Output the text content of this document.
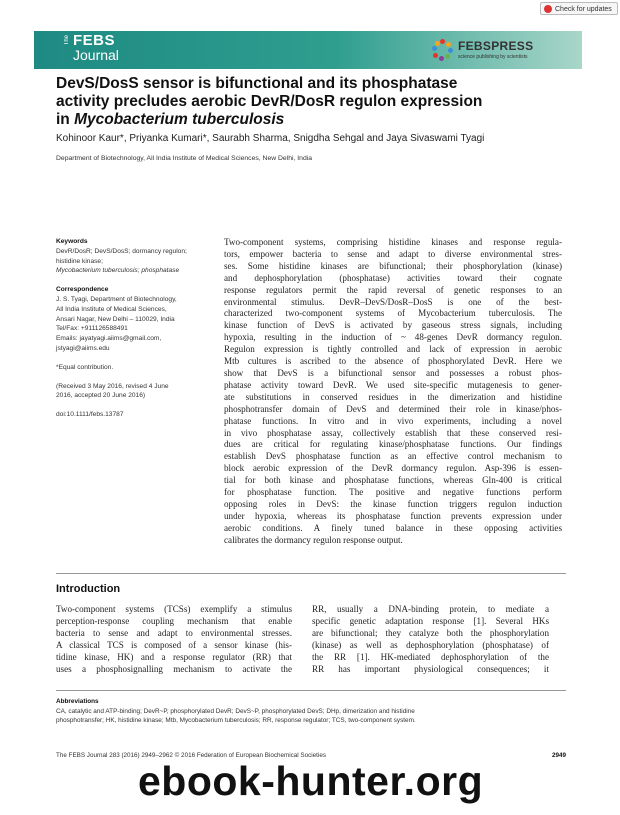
Check for updates
The FEBS
Journal
FEBSPRESS
science publishing by scientists
DevS/DosS sensor is bifunctional and its phosphatase
activity precludes aerobic DevR/DosR regulon expression
in Mycobacterium tuberculosis
Kohinoor Kaur*, Priyanka Kumari*, Saurabh Sharma, Snigdha Sehgal and Jaya Sivaswami Tyagi
Department of Biotechnology, All India Institute of Medical Sciences, New Delhi, India
Keywords
DevR/DosR; DevS/DosS; dormancy regulon;
histidine kinase;
Mycobacterium tuberculosis; phosphatase
Correspondence
J. S. Tyagi, Department of Biotechnology,
All India Institute of Medical Sciences,
Ansari Nagar, New Delhi – 110029, India
Tel/Fax: +911126588491
Emails: jayatyagi.aiims@gmail.com,
jstyagi@aiims.edu
*Equal contribution.
(Received 3 May 2016, revised 4 June
2016, accepted 20 June 2016)
doi:10.1111/febs.13787
Two-component systems, comprising histidine kinases and response regula-
tors, empower bacteria to sense and adapt to diverse environmental stres-
ses. Some histidine kinases are bifunctional; their phosphorylation (kinase)
and dephosphorylation (phosphatase) activities toward their cognate
response regulators permit the rapid reversal of genetic responses to an
environmental stimulus. DevR–DevS/DosR–DosS is one of the best-
characterized two-component systems of Mycobacterium tuberculosis. The
kinase function of DevS is activated by gaseous stress signals, including
hypoxia, resulting in the induction of ~ 48-genes DevR dormancy regulon.
Regulon expression is tightly controlled and lack of expression in aerobic
Mtb cultures is ascribed to the absence of phosphorylated DevR. Here we
show that DevS is a bifunctional sensor and possesses a robust phos-
phatase activity toward DevR. We used site-specific mutagenesis to gener-
ate substitutions in conserved residues in the dimerization and histidine
phosphotransfer domain of DevS and determined their role in kinase/phos-
phatase functions. In vitro and in vivo experiments, including a novel
in vivo phosphatase assay, collectively establish that these conserved resi-
dues are critical for regulating kinase/phosphatase functions. Our findings
establish DevS phosphatase function as an effective control mechanism to
block aerobic expression of the DevR dormancy regulon. Asp-396 is essen-
tial for both kinase and phosphatase functions, whereas Gln-400 is critical
for phosphatase function. The positive and negative functions perform
opposing roles in DevS: the kinase function triggers regulon induction
under hypoxia, whereas its phosphatase function prevents expression under
aerobic conditions. A finely tuned balance in these opposing activities
calibrates the dormancy regulon response output.
Introduction
Two-component systems (TCSs) exemplify a stimulus
perception-response coupling mechanism that enable
bacteria to sense and adapt to environmental stresses.
A classical TCS is composed of a sensor kinase (his-
tidine kinase, HK) and a response regulator (RR) that
uses a phosphosignalling mechanism to activate the
RR, usually a DNA-binding protein, to mediate a
specific genetic adaptation response [1]. Several HKs
are bifunctional; they catalyze both the phosphorylation
(kinase) as well as dephosphorylation (phosphatase) of
the RR [1]. HK-mediated dephosphorylation of the
RR has important physiological consequences; it
Abbreviations
CA, catalytic and ATP-binding; DevR~P, phosphorylated DevR; DevS~P, phosphorylated DevS; DHp, dimerization and histidine
phosphotransfer; HK, histidine kinase; Mtb, Mycobacterium tuberculosis; RR, response regulator; TCS, two-component system.
The FEBS Journal 283 (2016) 2949–2962 © 2016 Federation of European Biochemical Societies	2949
ebook-hunter.org
